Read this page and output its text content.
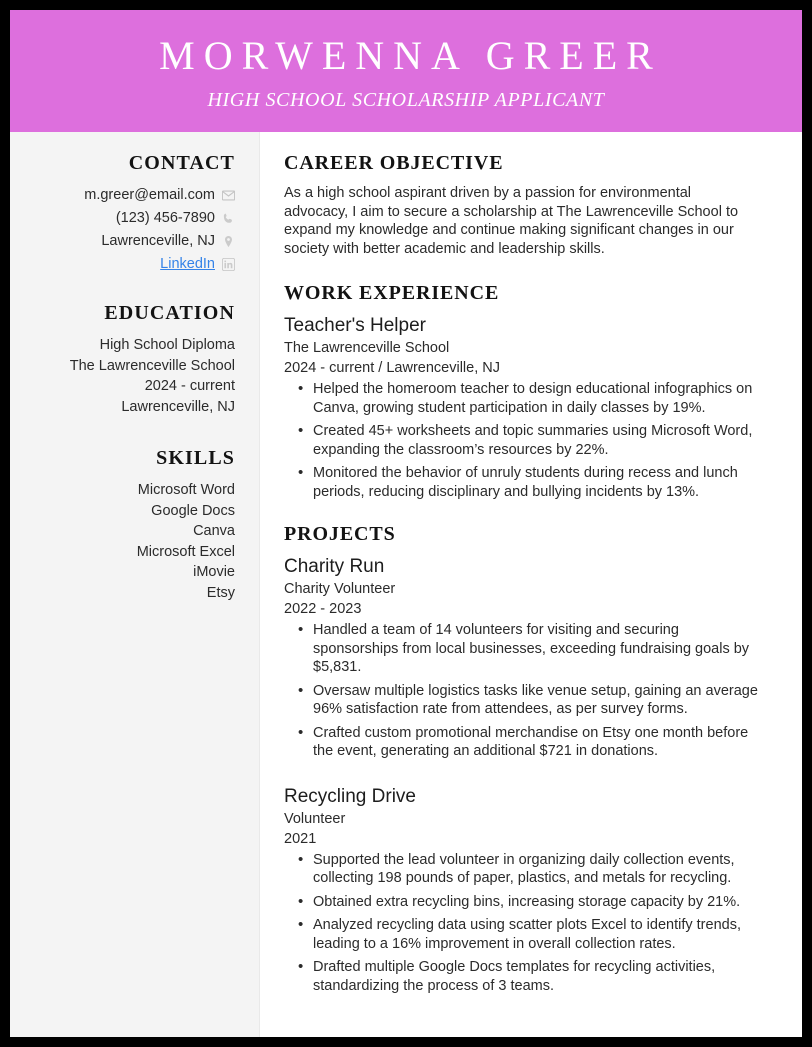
MORWENNA GREER
HIGH SCHOOL SCHOLARSHIP APPLICANT
CONTACT
m.greer@email.com
(123) 456-7890
Lawrenceville, NJ
LinkedIn
EDUCATION
High School Diploma
The Lawrenceville School
2024 - current
Lawrenceville, NJ
SKILLS
Microsoft Word
Google Docs
Canva
Microsoft Excel
iMovie
Etsy
CAREER OBJECTIVE

As a high school aspirant driven by a passion for environmental advocacy, I aim to secure a scholarship at The Lawrenceville School to expand my knowledge and continue making significant changes in our society with better academic and leadership skills.

WORK EXPERIENCE
Teacher's Helper
The Lawrenceville School
2024 - current / Lawrenceville, NJ
• Helped the homeroom teacher to design educational infographics on Canva, growing student participation in daily classes by 19%.
• Created 45+ worksheets and topic summaries using Microsoft Word, expanding the classroom’s resources by 22%.
• Monitored the behavior of unruly students during recess and lunch periods, reducing disciplinary and bullying incidents by 13%.
PROJECTS
Charity Run
Charity Volunteer
2022 - 2023
• Handled a team of 14 volunteers for visiting and securing sponsorships from local businesses, exceeding fundraising goals by $5,831.
• Oversaw multiple logistics tasks like venue setup, gaining an average 96% satisfaction rate from attendees, as per survey forms.
• Crafted custom promotional merchandise on Etsy one month before the event, generating an additional $721 in donations.
Recycling Drive
Volunteer
2021
• Supported the lead volunteer in organizing daily collection events, collecting 198 pounds of paper, plastics, and metals for recycling.
• Obtained extra recycling bins, increasing storage capacity by 21%.
• Analyzed recycling data using scatter plots Excel to identify trends, leading to a 16% improvement in overall collection rates.
• Drafted multiple Google Docs templates for recycling activities, standardizing the process of 3 teams.
